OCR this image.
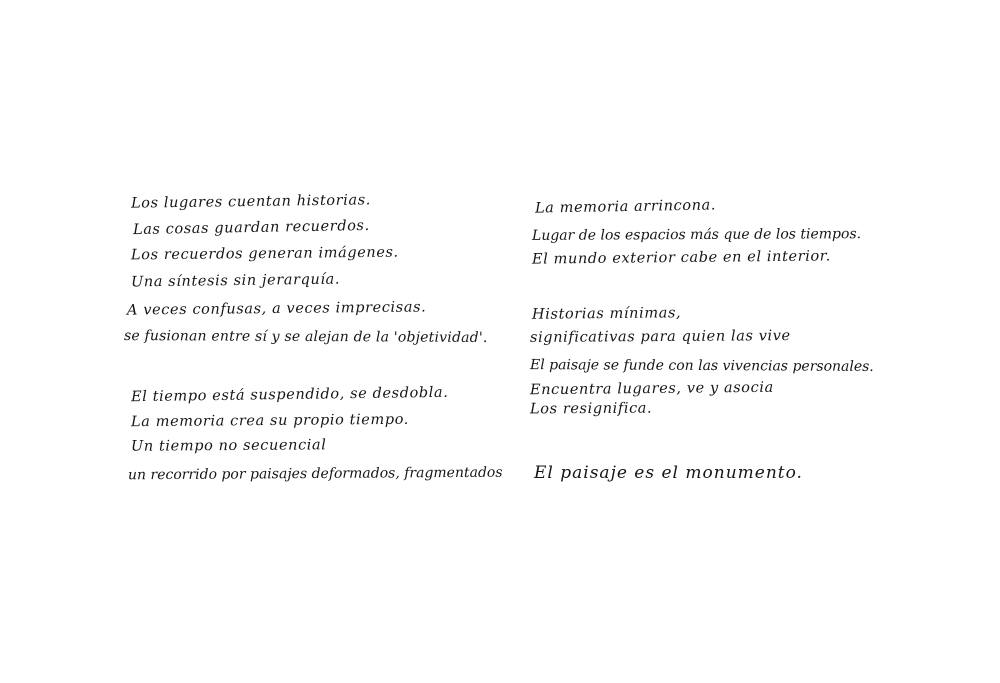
Los lugares cuentan historias.
Las cosas guardan recuerdos.
Los recuerdos generan imágenes.
Una síntesis sin jerarquía.
A veces confusas, a veces imprecisas.
se fusionan entre sí y se alejan de la 'objetividad'.
El tiempo está suspendido, se desdobla.
La memoria crea su propio tiempo.
Un tiempo no secuencial
un recorrido por paisajes deformados, fragmentados
La memoria arrincona.
Lugar de los espacios más que de los tiempos.
El mundo exterior cabe en el interior.
Historias mínimas,
significativas para quien las vive
El paisaje se funde con las vivencias personales.
Encuentra lugares, ve y asocia
Los resignifica.
El paisaje es el monumento.
